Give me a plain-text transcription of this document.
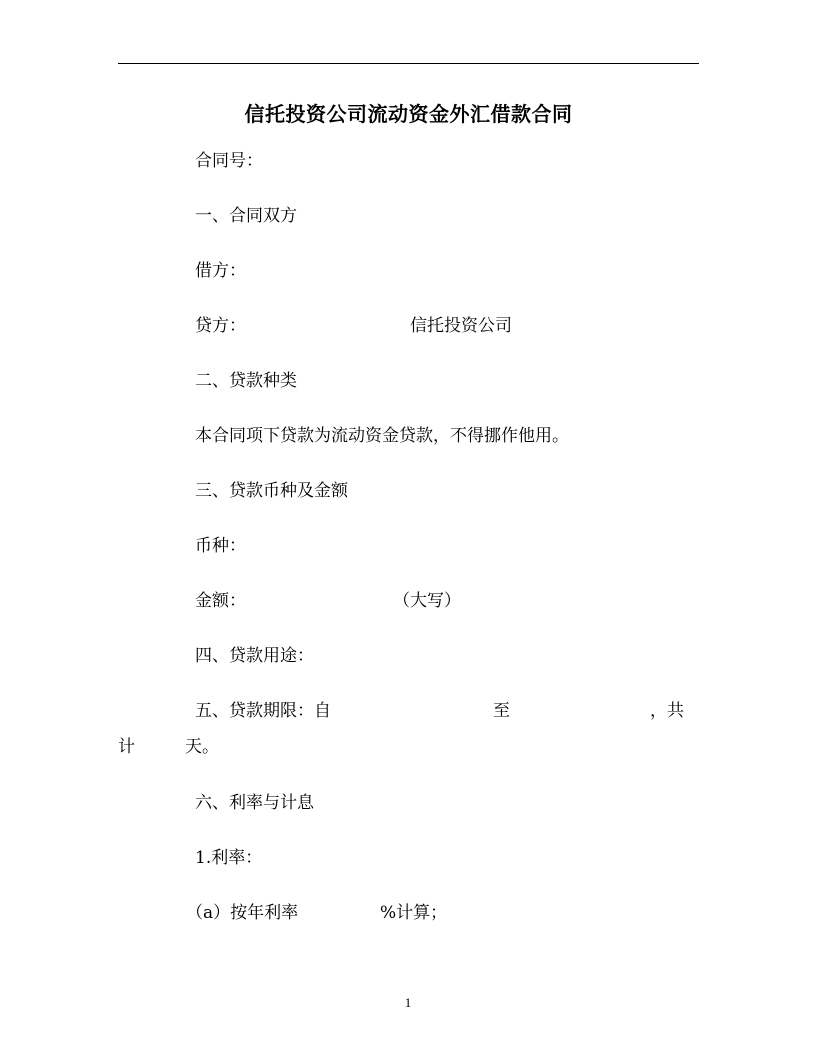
信托投资公司流动资金外汇借款合同
合同号：
一、合同双方
借方：
贷方：	信托投资公司
二、贷款种类
本合同项下贷款为流动资金贷款，不得挪作他用。
三、贷款币种及金额
币种：
金额：	（大写）
四、贷款用途：
五、贷款期限：自	至	，共
计	天。
六、利率与计息
1.利率：
（a）按年利率	%计算；
1
